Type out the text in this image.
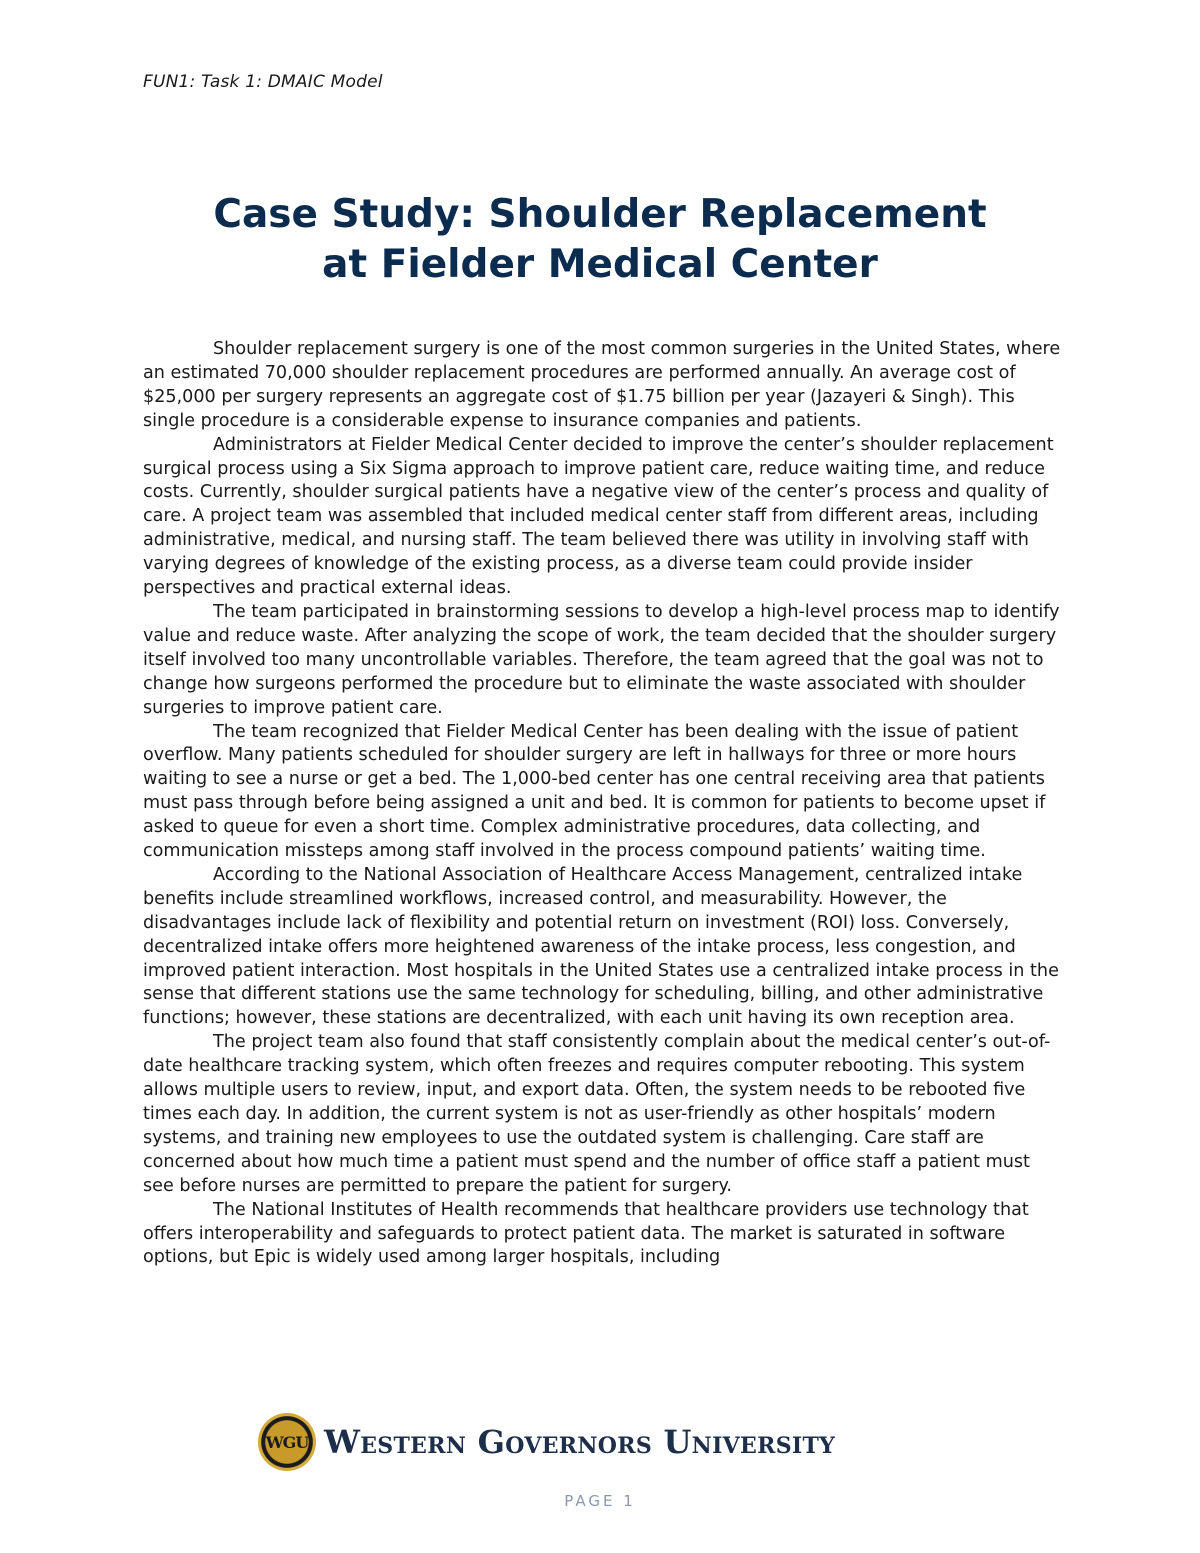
FUN1: Task 1: DMAIC Model
Case Study: Shoulder Replacement
at Fielder Medical Center

Shoulder replacement surgery is one of the most common surgeries in the United States, where an estimated 70,000 shoulder replacement procedures are performed annually. An average cost of $25,000 per surgery represents an aggregate cost of $1.75 billion per year (Jazayeri & Singh). This single procedure is a considerable expense to insurance companies and patients.

Administrators at Fielder Medical Center decided to improve the center’s shoulder replacement surgical process using a Six Sigma approach to improve patient care, reduce waiting time, and reduce costs. Currently, shoulder surgical patients have a negative view of the center’s process and quality of care. A project team was assembled that included medical center staff from different areas, including administrative, medical, and nursing staff. The team believed there was utility in involving staff with varying degrees of knowledge of the existing process, as a diverse team could provide insider perspectives and practical external ideas.

The team participated in brainstorming sessions to develop a high-level process map to identify value and reduce waste. After analyzing the scope of work, the team decided that the shoulder surgery itself involved too many uncontrollable variables. Therefore, the team agreed that the goal was not to change how surgeons performed the procedure but to eliminate the waste associated with shoulder surgeries to improve patient care.

The team recognized that Fielder Medical Center has been dealing with the issue of patient overflow. Many patients scheduled for shoulder surgery are left in hallways for three or more hours waiting to see a nurse or get a bed. The 1,000-bed center has one central receiving area that patients must pass through before being assigned a unit and bed. It is common for patients to become upset if asked to queue for even a short time. Complex administrative procedures, data collecting, and communication missteps among staff involved in the process compound patients’ waiting time.

According to the National Association of Healthcare Access Management, centralized intake benefits include streamlined workflows, increased control, and measurability. However, the disadvantages include lack of flexibility and potential return on investment (ROI) loss. Conversely, decentralized intake offers more heightened awareness of the intake process, less congestion, and improved patient interaction. Most hospitals in the United States use a centralized intake process in the sense that different stations use the same technology for scheduling, billing, and other administrative functions; however, these stations are decentralized, with each unit having its own reception area.

The project team also found that staff consistently complain about the medical center’s out-of-date healthcare tracking system, which often freezes and requires computer rebooting. This system allows multiple users to review, input, and export data. Often, the system needs to be rebooted five times each day. In addition, the current system is not as user-friendly as other hospitals’ modern systems, and training new employees to use the outdated system is challenging. Care staff are concerned about how much time a patient must spend and the number of office staff a patient must see before nurses are permitted to prepare the patient for surgery.

The National Institutes of Health recommends that healthcare providers use technology that offers interoperability and safeguards to protect patient data. The market is saturated in software options, but Epic is widely used among larger hospitals, including

WGU Western Governors University
PAGE 1
